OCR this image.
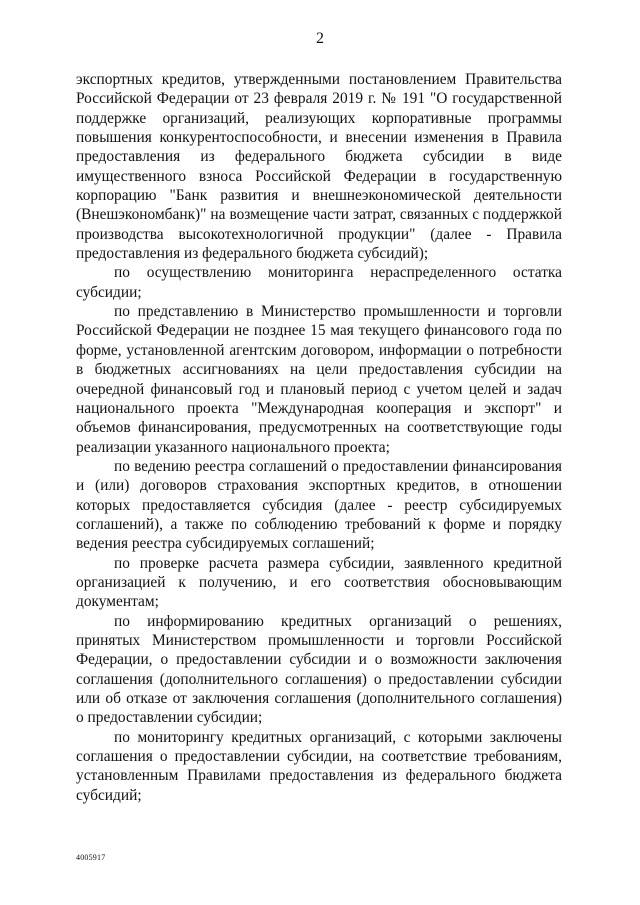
2

экспортных кредитов, утвержденными постановлением Правительства Российской Федерации от 23 февраля 2019 г. № 191 "О государственной поддержке организаций, реализующих корпоративные программы повышения конкурентоспособности, и внесении изменения в Правила предоставления из федерального бюджета субсидии в виде имущественного взноса Российской Федерации в государственную корпорацию "Банк развития и внешнеэкономической деятельности (Внешэкономбанк)" на возмещение части затрат, связанных с поддержкой производства высокотехнологичной продукции" (далее - Правила предоставления из федерального бюджета субсидий);

по осуществлению мониторинга нераспределенного остатка субсидии;

по представлению в Министерство промышленности и торговли Российской Федерации не позднее 15 мая текущего финансового года по форме, установленной агентским договором, информации о потребности в бюджетных ассигнованиях на цели предоставления субсидии на очередной финансовый год и плановый период с учетом целей и задач национального проекта "Международная кооперация и экспорт" и объемов финансирования, предусмотренных на соответствующие годы реализации указанного национального проекта;

по ведению реестра соглашений о предоставлении финансирования и (или) договоров страхования экспортных кредитов, в отношении которых предоставляется субсидия (далее - реестр субсидируемых соглашений), а также по соблюдению требований к форме и порядку ведения реестра субсидируемых соглашений;

по проверке расчета размера субсидии, заявленного кредитной организацией к получению, и его соответствия обосновывающим документам;

по информированию кредитных организаций о решениях, принятых Министерством промышленности и торговли Российской Федерации, о предоставлении субсидии и о возможности заключения соглашения (дополнительного соглашения) о предоставлении субсидии или об отказе от заключения соглашения (дополнительного соглашения) о предоставлении субсидии;

по мониторингу кредитных организаций, с которыми заключены соглашения о предоставлении субсидии, на соответствие требованиям, установленным Правилами предоставления из федерального бюджета субсидий;

4005917
